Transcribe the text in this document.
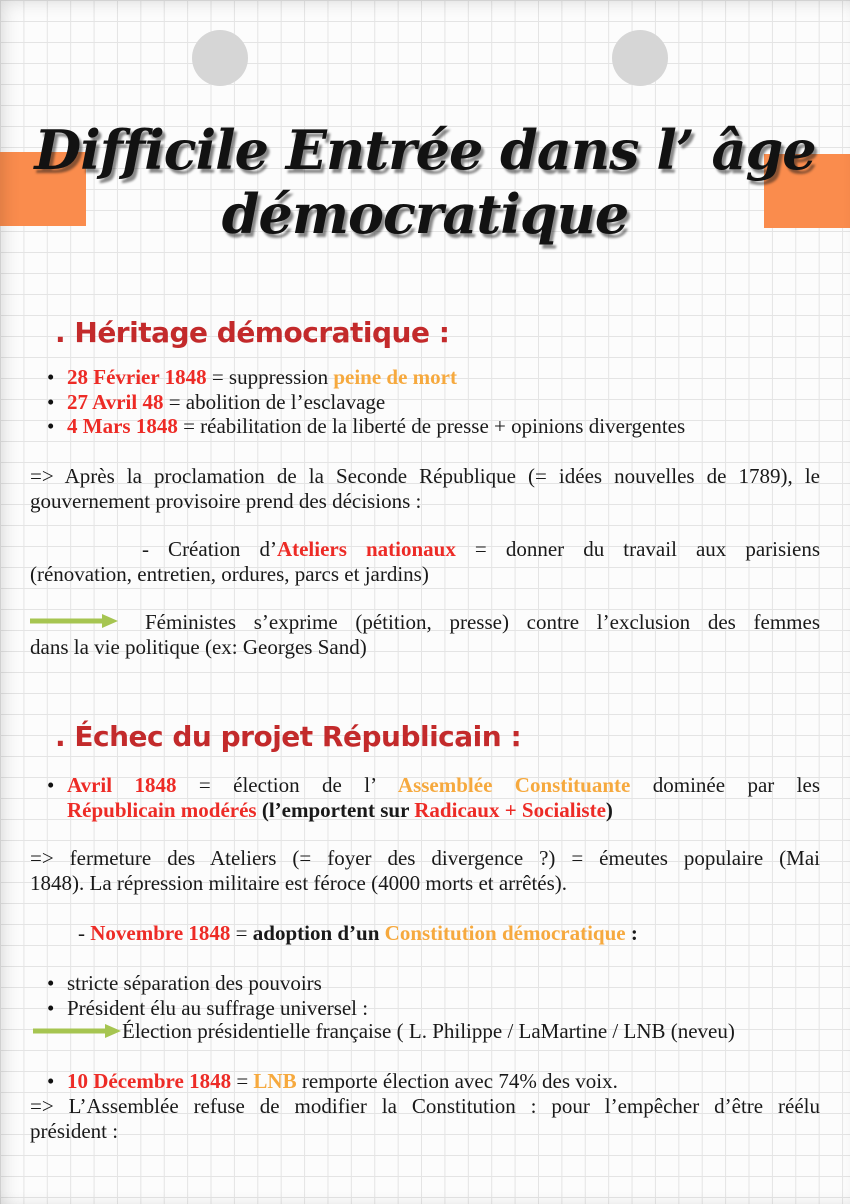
Difficile Entrée dans l’ âge
démocratique
. Héritage démocratique :
• 28 Février 1848 = suppression peine de mort
• 27 Avril 48 = abolition de l’esclavage
• 4 Mars 1848 = réabilitation de la liberté de presse + opinions divergentes
=> Après la proclamation de la Seconde République (= idées nouvelles de 1789), le
gouvernement provisoire prend des décisions :
- Création d’Ateliers nationaux = donner du travail aux parisiens
(rénovation, entretien, ordures, parcs et jardins)
Féministes s’exprime (pétition, presse) contre l’exclusion des femmes
dans la vie politique (ex: Georges Sand)
. Échec du projet Républicain :
• Avril 1848 = élection de l’ Assemblée Constituante dominée par les
Républicain modérés (l’emportent sur Radicaux + Socialiste)
=> fermeture des Ateliers (= foyer des divergence ?) = émeutes populaire (Mai
1848). La répression militaire est féroce (4000 morts et arrêtés).
- Novembre 1848 = adoption d’un Constitution démocratique :
• stricte séparation des pouvoirs
• Président élu au suffrage universel :
Élection présidentielle française ( L. Philippe / LaMartine / LNB (neveu)
• 10 Décembre 1848 = LNB remporte élection avec 74% des voix.
=> L’Assemblée refuse de modifier la Constitution : pour l’empêcher d’être réélu
président :
